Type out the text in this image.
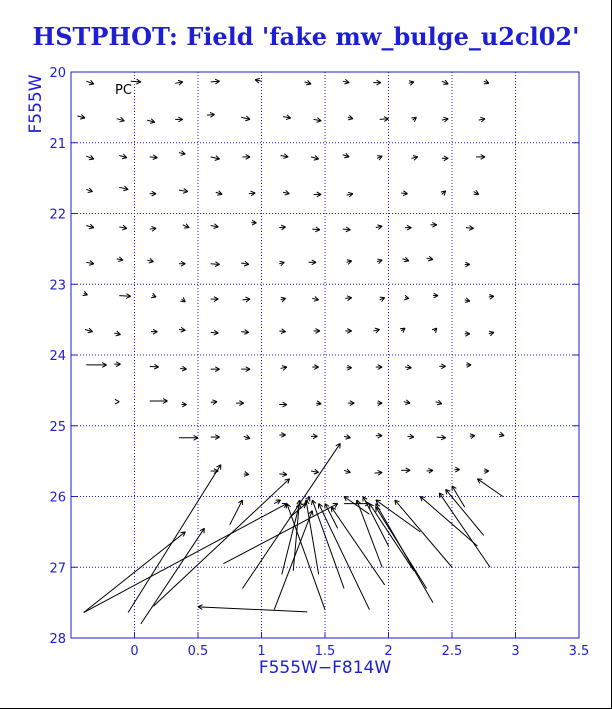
HSTPHOT: Field 'fake mw_bulge_u2cl02'
0	0.5	1	1.5	2	2.5	3	3.5
20
21
22
23
24
25
26
27
28
PC
F555W−F814W
F555W
